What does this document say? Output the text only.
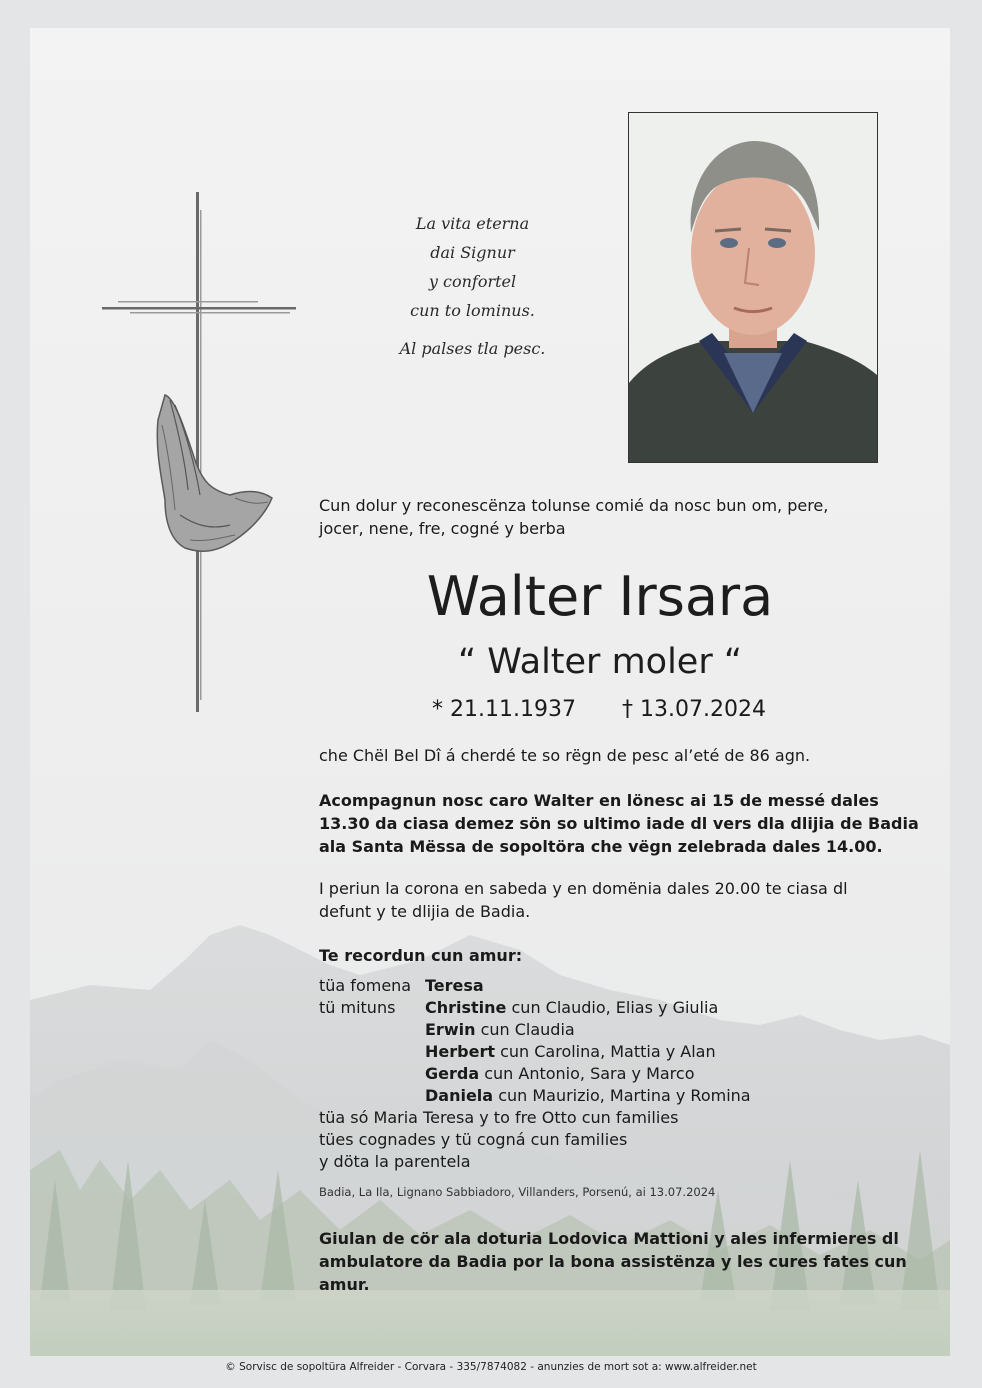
La vita eterna
dai Signur
y confortel
cun to lominus.
Al palses tla pesc.
Cun dolur y reconescënza tolunse comié da nosc bun om, pere,
jocer, nene, fre, cogné y berba
Walter Irsara
“ Walter moler “
* 21.11.1937 † 13.07.2024
che Chël Bel Dî á cherdé te so rëgn de pesc al’eté de 86 agn.
Acompagnun nosc caro Walter en lönesc ai 15 de messé dales
13.30 da ciasa demez sön so ultimo iade dl vers dla dlijia de Badia
ala Santa Mëssa de sopoltöra che vëgn zelebrada dales 14.00.
I periun la corona en sabeda y en domënia dales 20.00 te ciasa dl
defunt y te dlijia de Badia.
Te recordun cun amur:
tüa fomena	Teresa
tü mituns	Christine cun Claudio, Elias y Giulia
	Erwin cun Claudia
	Herbert cun Carolina, Mattia y Alan
	Gerda cun Antonio, Sara y Marco
	Daniela cun Maurizio, Martina y Romina
tüa só Maria Teresa y to fre Otto cun families	
tües cognades y tü cogná cun families	
y döta la parentela	
Badia, La Ila, Lignano Sabbiadoro, Villanders, Porsenú, ai 13.07.2024
Giulan de cör ala doturia Lodovica Mattioni y ales infermieres dl
ambulatore da Badia por la bona assistënza y les cures fates cun
amur.
© Sorvisc de sopoltüra Alfreider - Corvara - 335/7874082 - anunzies de mort sot a: www.alfreider.net
